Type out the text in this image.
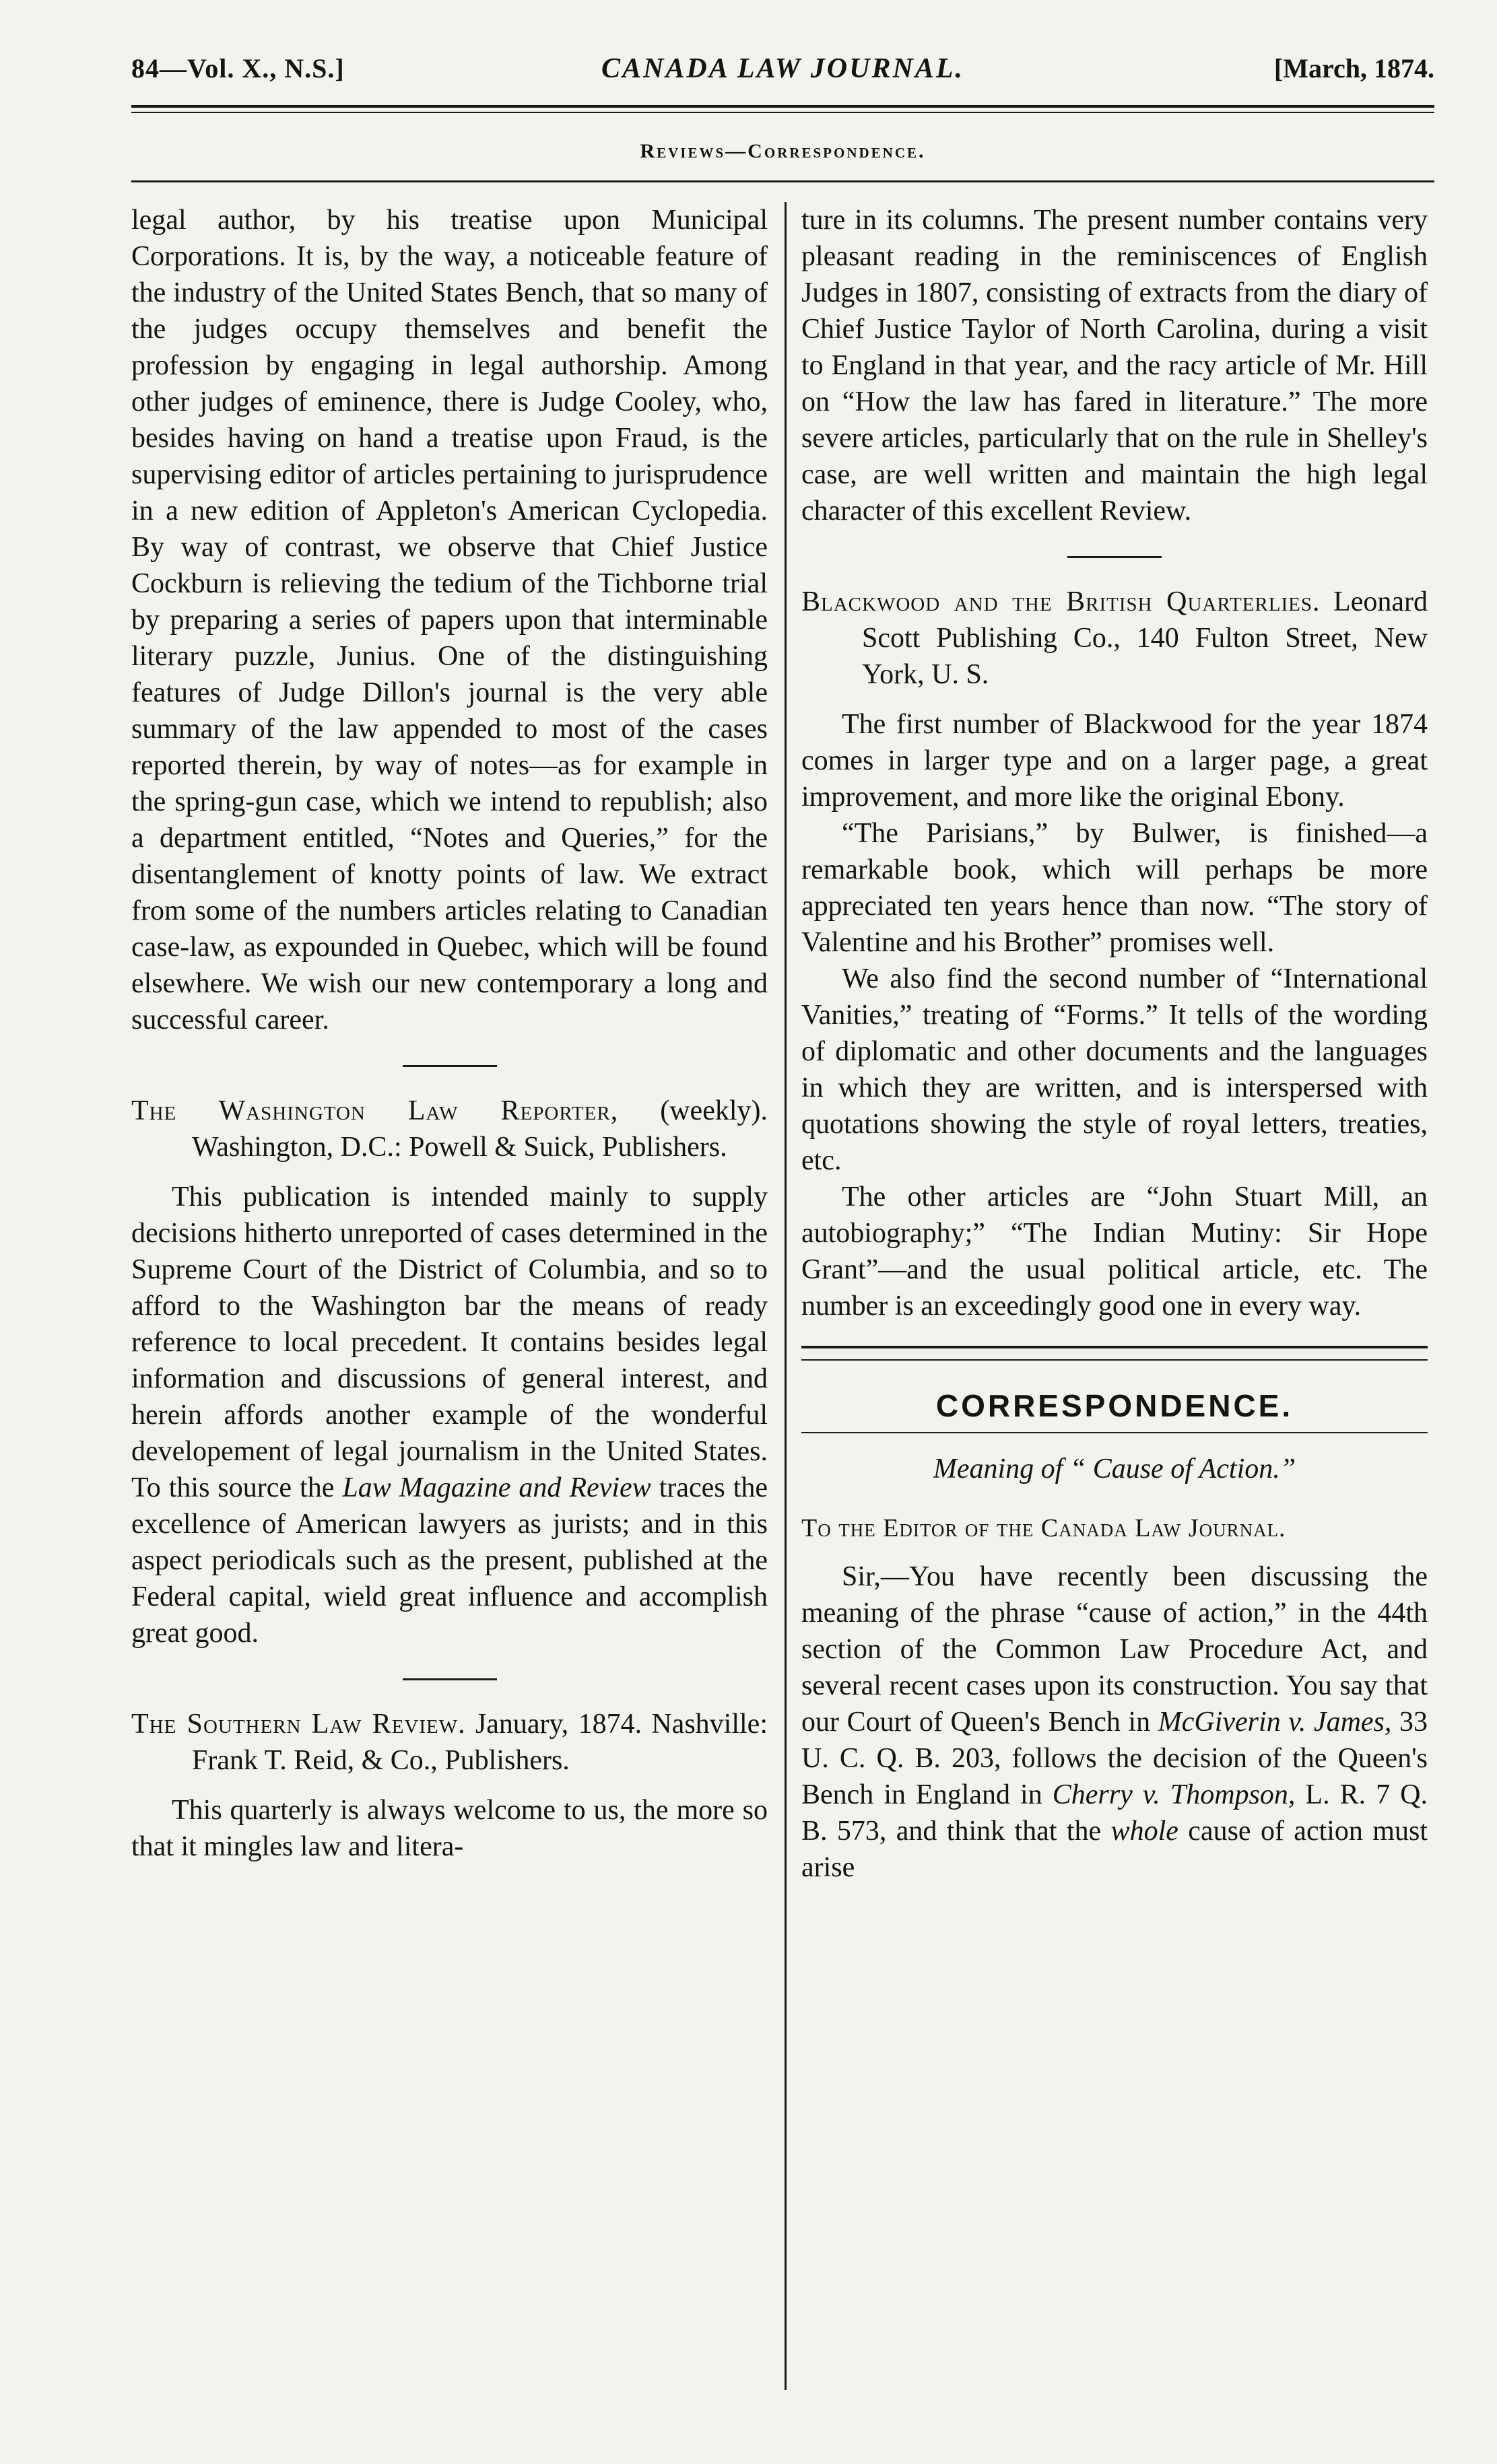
84—Vol. X., N.S.]	CANADA LAW JOURNAL.	[March, 1874.
Reviews—Correspondence.

legal author, by his treatise upon Municipal Corporations. It is, by the way, a noticeable feature of the industry of the United States Bench, that so many of the judges occupy themselves and benefit the profession by engaging in legal authorship. Among other judges of eminence, there is Judge Cooley, who, besides having on hand a treatise upon Fraud, is the supervising editor of articles pertaining to jurisprudence in a new edition of Appleton's American Cyclopedia. By way of contrast, we observe that Chief Justice Cockburn is relieving the tedium of the Tichborne trial by preparing a series of papers upon that interminable literary puzzle, Junius. One of the distinguishing features of Judge Dillon's journal is the very able summary of the law appended to most of the cases reported therein, by way of notes—as for example in the spring-gun case, which we intend to republish; also a department entitled, “Notes and Queries,” for the disentanglement of knotty points of law. We extract from some of the numbers articles relating to Canadian case-law, as expounded in Quebec, which will be found elsewhere. We wish our new contemporary a long and successful career.

The Washington Law Reporter, (weekly). Washington, D.C.: Powell & Suick, Publishers.

This publication is intended mainly to supply decisions hitherto unreported of cases determined in the Supreme Court of the District of Columbia, and so to afford to the Washington bar the means of ready reference to local precedent. It contains besides legal information and discussions of general interest, and herein affords another example of the wonderful developement of legal journalism in the United States. To this source the Law Magazine and Review traces the excellence of American lawyers as jurists; and in this aspect periodicals such as the present, published at the Federal capital, wield great influence and accomplish great good.

The Southern Law Review. January, 1874. Nashville: Frank T. Reid, & Co., Publishers.

This quarterly is always welcome to us, the more so that it mingles law and litera-

ture in its columns. The present number contains very pleasant reading in the reminiscences of English Judges in 1807, consisting of extracts from the diary of Chief Justice Taylor of North Carolina, during a visit to England in that year, and the racy article of Mr. Hill on “How the law has fared in literature.” The more severe articles, particularly that on the rule in Shelley's case, are well written and maintain the high legal character of this excellent Review.

Blackwood and the British Quarterlies. Leonard Scott Publishing Co., 140 Fulton Street, New York, U. S.

The first number of Blackwood for the year 1874 comes in larger type and on a larger page, a great improvement, and more like the original Ebony.

“The Parisians,” by Bulwer, is finished—a remarkable book, which will perhaps be more appreciated ten years hence than now. “The story of Valentine and his Brother” promises well.

We also find the second number of “International Vanities,” treating of “Forms.” It tells of the wording of diplomatic and other documents and the languages in which they are written, and is interspersed with quotations showing the style of royal letters, treaties, etc.

The other articles are “John Stuart Mill, an autobiography;” “The Indian Mutiny: Sir Hope Grant”—and the usual political article, etc. The number is an exceedingly good one in every way.

CORRESPONDENCE.
Meaning of “ Cause of Action.”
To the Editor of the Canada Law Journal.

Sir,—You have recently been discussing the meaning of the phrase “cause of action,” in the 44th section of the Common Law Procedure Act, and several recent cases upon its construction. You say that our Court of Queen's Bench in McGiverin v. James, 33 U. C. Q. B. 203, follows the decision of the Queen's Bench in England in Cherry v. Thompson, L. R. 7 Q. B. 573, and think that the whole cause of action must arise
